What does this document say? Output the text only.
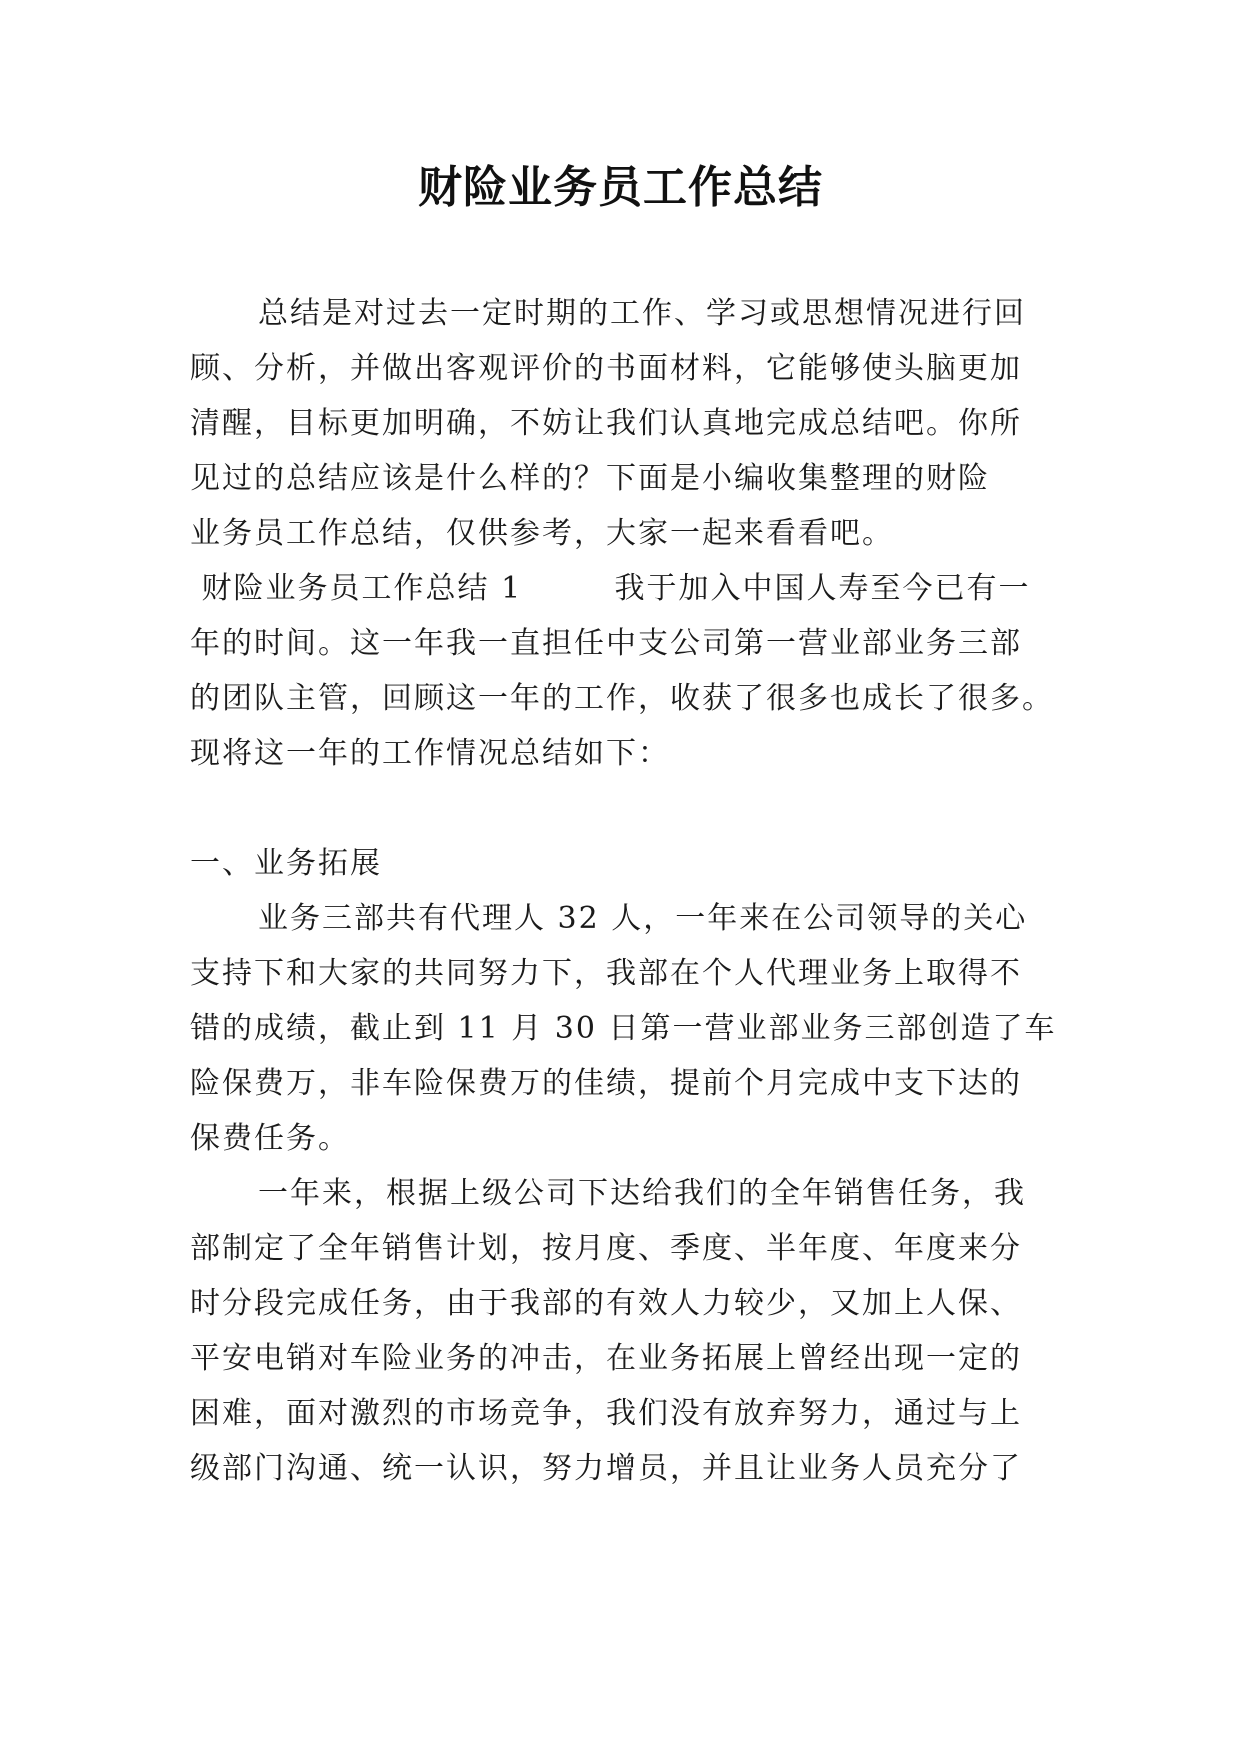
财险业务员工作总结
总结是对过去一定时期的工作、学习或思想情况进行回
顾、分析，并做出客观评价的书面材料，它能够使头脑更加
清醒，目标更加明确，不妨让我们认真地完成总结吧。你所
见过的总结应该是什么样的？下面是小编收集整理的财险
业务员工作总结，仅供参考，大家一起来看看吧。
财险业务员工作总结 1        我于加入中国人寿至今已有一
年的时间。这一年我一直担任中支公司第一营业部业务三部
的团队主管，回顾这一年的工作，收获了很多也成长了很多。
现将这一年的工作情况总结如下：
一、业务拓展
业务三部共有代理人 32 人，一年来在公司领导的关心
支持下和大家的共同努力下，我部在个人代理业务上取得不
错的成绩，截止到 11 月 30 日第一营业部业务三部创造了车
险保费万，非车险保费万的佳绩，提前个月完成中支下达的
保费任务。
一年来，根据上级公司下达给我们的全年销售任务，我
部制定了全年销售计划，按月度、季度、半年度、年度来分
时分段完成任务，由于我部的有效人力较少，又加上人保、
平安电销对车险业务的冲击，在业务拓展上曾经出现一定的
困难，面对激烈的市场竞争，我们没有放弃努力，通过与上
级部门沟通、统一认识，努力增员，并且让业务人员充分了
